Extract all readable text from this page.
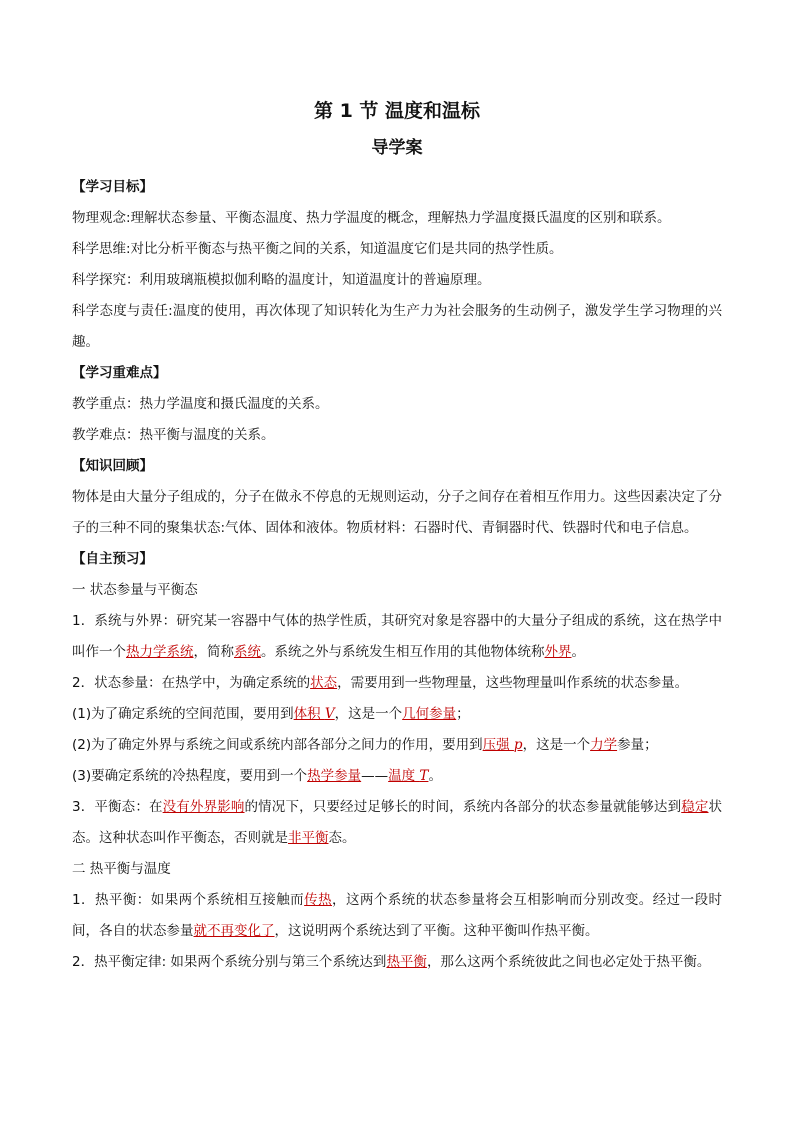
第 1 节 温度和温标
导学案
【学习目标】

物理观念:理解状态参量、平衡态温度、热力学温度的概念，理解热力学温度摄氏温度的区别和联系。

科学思维:对比分析平衡态与热平衡之间的关系，知道温度它们是共同的热学性质。

科学探究：利用玻璃瓶模拟伽利略的温度计，知道温度计的普遍原理。

科学态度与责任:温度的使用，再次体现了知识转化为生产力为社会服务的生动例子，激发学生学习物理的兴趣。

【学习重难点】

教学重点：热力学温度和摄氏温度的关系。

教学难点：热平衡与温度的关系。

【知识回顾】

物体是由大量分子组成的，分子在做永不停息的无规则运动，分子之间存在着相互作用力。这些因素决定了分子的三种不同的聚集状态:气体、固体和液体。物质材料：石器时代、青铜器时代、铁器时代和电子信息。

【自主预习】

一 状态参量与平衡态

1．系统与外界：研究某一容器中气体的热学性质，其研究对象是容器中的大量分子组成的系统，这在热学中叫作一个热力学系统，简称系统。系统之外与系统发生相互作用的其他物体统称外界。

2．状态参量：在热学中，为确定系统的状态，需要用到一些物理量，这些物理量叫作系统的状态参量。

(1)为了确定系统的空间范围，要用到体积 V，这是一个几何参量；

(2)为了确定外界与系统之间或系统内部各部分之间力的作用，要用到压强 p，这是一个力学参量；

(3)要确定系统的冷热程度，要用到一个热学参量——温度 T。

3．平衡态：在没有外界影响的情况下，只要经过足够长的时间，系统内各部分的状态参量就能够达到稳定状态。这种状态叫作平衡态，否则就是非平衡态。

二 热平衡与温度

1．热平衡：如果两个系统相互接触而传热，这两个系统的状态参量将会互相影响而分别改变。经过一段时间，各自的状态参量就不再变化了，这说明两个系统达到了平衡。这种平衡叫作热平衡。

2．热平衡定律: 如果两个系统分别与第三个系统达到热平衡，那么这两个系统彼此之间也必定处于热平衡。
